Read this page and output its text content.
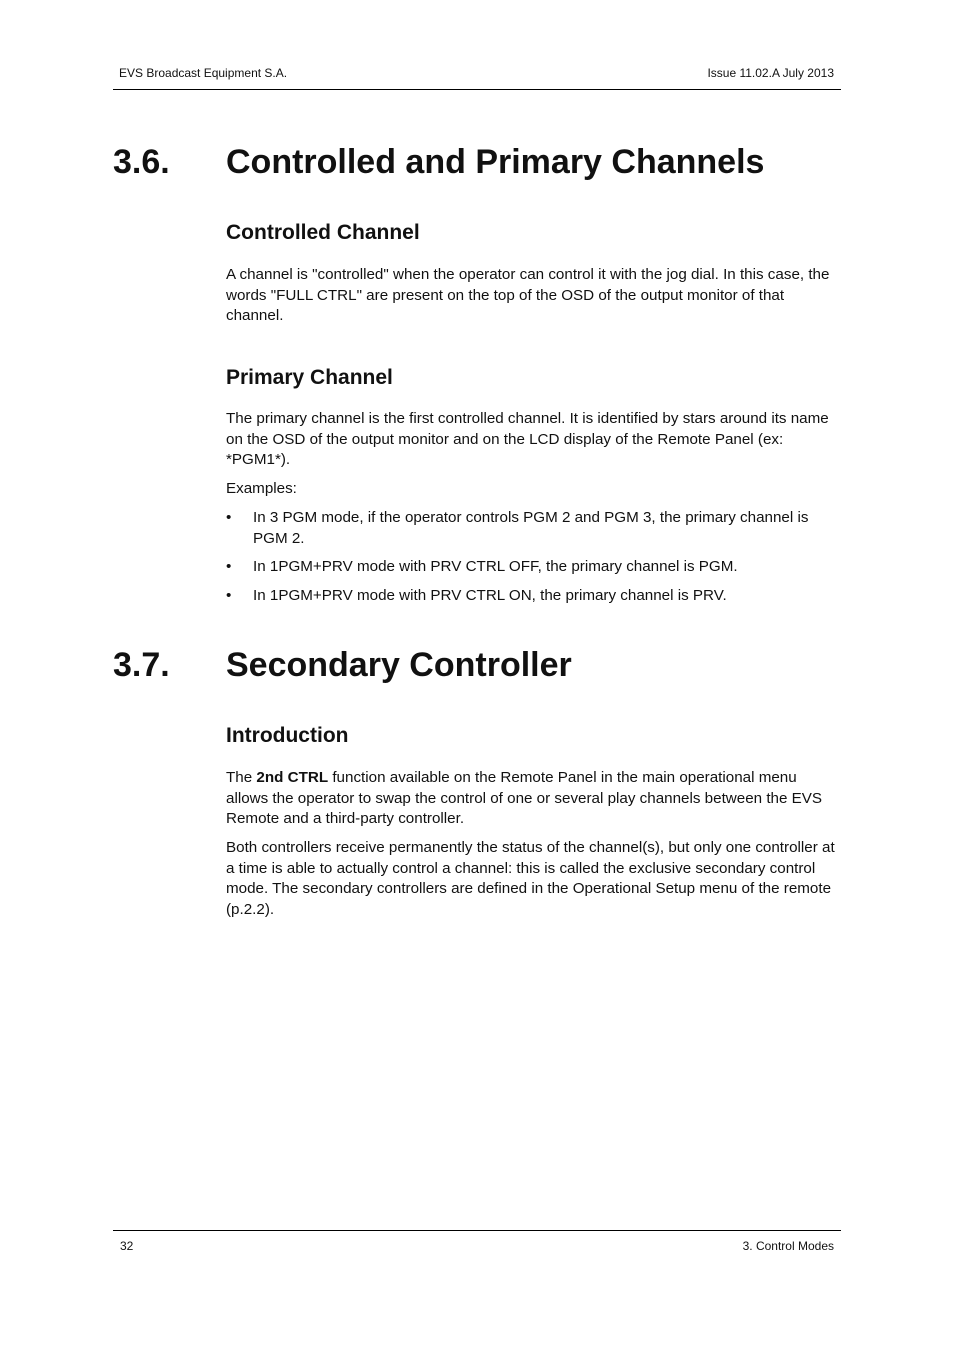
EVS Broadcast Equipment S.A.	Issue 11.02.A July 2013
3.6. Controlled and Primary Channels
Controlled Channel

A channel is "controlled" when the operator can control it with the jog dial. In this case, the words "FULL CTRL" are present on the top of the OSD of the output monitor of that channel.

Primary Channel

The primary channel is the first controlled channel. It is identified by stars around its name on the OSD of the output monitor and on the LCD display of the Remote Panel (ex: *PGM1*).

Examples:

• In 3 PGM mode, if the operator controls PGM 2 and PGM 3, the primary channel is PGM 2.
• In 1PGM+PRV mode with PRV CTRL OFF, the primary channel is PGM.
• In 1PGM+PRV mode with PRV CTRL ON, the primary channel is PRV.
3.7. Secondary Controller
Introduction

The 2nd CTRL function available on the Remote Panel in the main operational menu allows the operator to swap the control of one or several play channels between the EVS Remote and a third-party controller.

Both controllers receive permanently the status of the channel(s), but only one controller at a time is able to actually control a channel: this is called the exclusive secondary control mode. The secondary controllers are defined in the Operational Setup menu of the remote (p.2.2).

32	3. Control Modes
